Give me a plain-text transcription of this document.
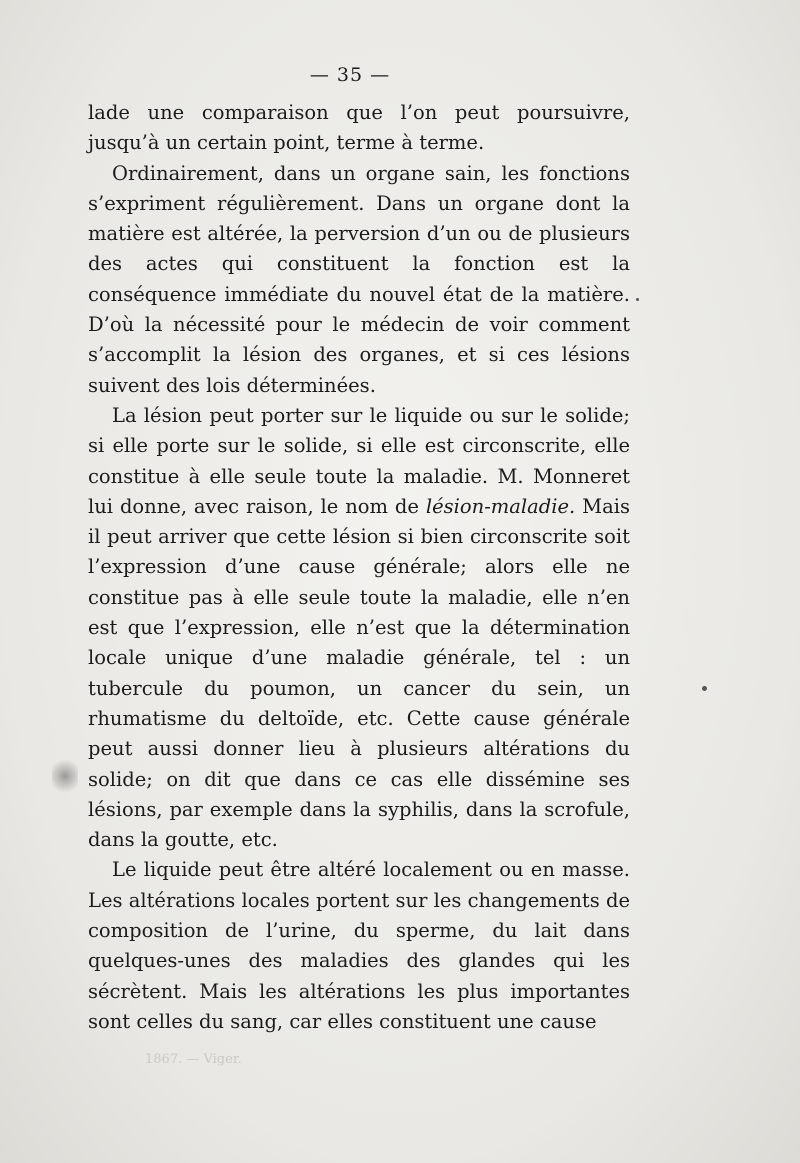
— 35 —

lade une comparaison que l’on peut poursuivre, jusqu’à un certain point, terme à terme.

Ordinairement, dans un organe sain, les fonctions s’expriment régulièrement. Dans un organe dont la matière est altérée, la perversion d’un ou de plusieurs des actes qui constituent la fonction est la conséquence immédiate du nouvel état de la matière. D’où la nécessité pour le médecin de voir comment s’accomplit la lésion des organes, et si ces lésions suivent des lois déterminées.

La lésion peut porter sur le liquide ou sur le solide; si elle porte sur le solide, si elle est circonscrite, elle constitue à elle seule toute la maladie. M. Monneret lui donne, avec raison, le nom de lésion-maladie. Mais il peut arriver que cette lésion si bien circonscrite soit l’expression d’une cause générale; alors elle ne constitue pas à elle seule toute la maladie, elle n’en est que l’expression, elle n’est que la détermination locale unique d’une maladie générale, tel : un tubercule du poumon, un cancer du sein, un rhumatisme du deltoïde, etc. Cette cause générale peut aussi donner lieu à plusieurs altérations du solide; on dit que dans ce cas elle dissémine ses lésions, par exemple dans la syphilis, dans la scrofule, dans la goutte, etc.

Le liquide peut être altéré localement ou en masse. Les altérations locales portent sur les changements de composition de l’urine, du sperme, du lait dans quelques-unes des maladies des glandes qui les sécrètent. Mais les altérations les plus importantes sont celles du sang, car elles constituent une cause

1867. — Viger.
